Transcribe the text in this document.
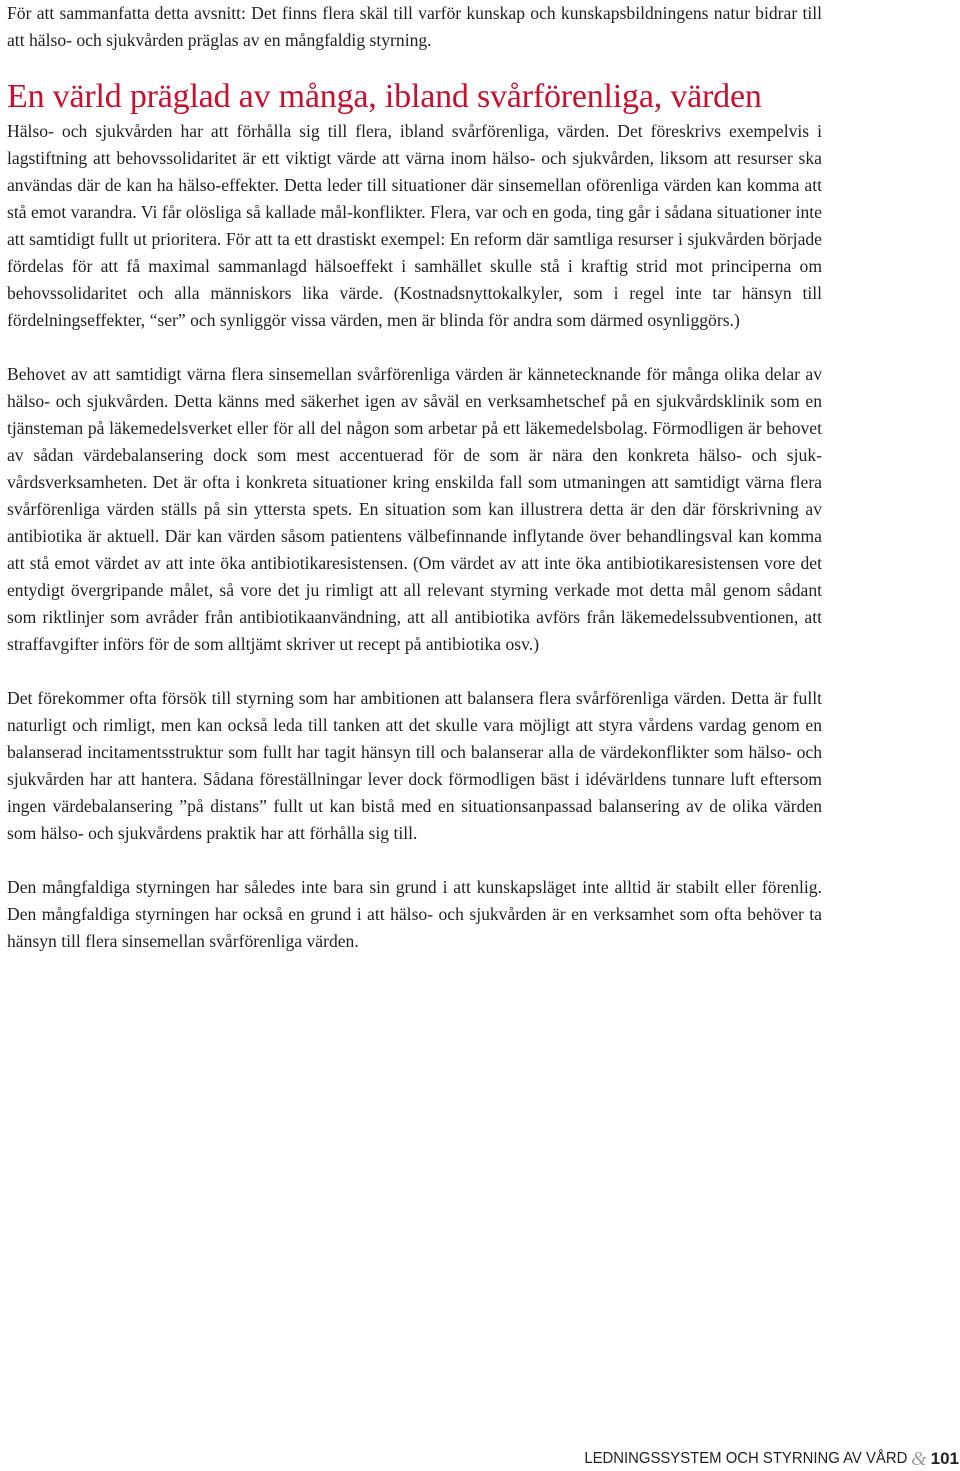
För att sammanfatta detta avsnitt: Det finns flera skäl till varför kunskap och kunskapsbildningens natur bidrar till att hälso- och sjukvården präglas av en mångfaldig styrning.

En värld präglad av många, ibland svårförenliga, värden

Hälso- och sjukvården har att förhålla sig till flera, ibland svårförenliga, värden. Det föreskrivs exempelvis i lagstiftning att behovssolidaritet är ett viktigt värde att värna inom hälso- och sjukvården, liksom att resurser ska användas där de kan ha hälso-effekter. Detta leder till situationer där sinsemellan oförenliga värden kan komma att stå emot varandra. Vi får olösliga så kallade mål-konflikter. Flera, var och en goda, ting går i sådana situationer inte att samtidigt fullt ut prioritera. För att ta ett drastiskt exempel: En reform där samtliga resurser i sjukvården började fördelas för att få maximal sammanlagd hälsoeffekt i samhället skulle stå i kraftig strid mot principerna om behovssolidaritet och alla människors lika värde. (Kostnadsnyttokalkyler, som i regel inte tar hänsyn till fördelningseffekter, “ser” och synliggör vissa värden, men är blinda för andra som därmed osynliggörs.)

Behovet av att samtidigt värna flera sinsemellan svårförenliga värden är kännetecknande för många olika delar av hälso- och sjukvården. Detta känns med säkerhet igen av såväl en verksamhetschef på en sjukvårdsklinik som en tjänsteman på läkemedelsverket eller för all del någon som arbetar på ett läkemedelsbolag. Förmodligen är behovet av sådan värdebalansering dock som mest accentuerad för de som är nära den konkreta hälso- och sjukvårdsverksamheten. Det är ofta i konkreta situationer kring enskilda fall som utmaningen att samtidigt värna flera svårförenliga värden ställs på sin yttersta spets. En situation som kan illustrera detta är den där förskrivning av antibiotika är aktuell. Där kan värden såsom patientens välbefinnande inflytande över behandlingsval kan komma att stå emot värdet av att inte öka antibiotikaresistensen. (Om värdet av att inte öka antibiotikaresistensen vore det entydigt övergripande målet, så vore det ju rimligt att all relevant styrning verkade mot detta mål genom sådant som riktlinjer som avråder från antibiotikaanvändning, att all antibiotika avförs från läkemedelssubventionen, att straffavgifter införs för de som alltjämt skriver ut recept på antibiotika osv.)

Det förekommer ofta försök till styrning som har ambitionen att balansera flera svårförenliga värden. Detta är fullt naturligt och rimligt, men kan också leda till tanken att det skulle vara möjligt att styra vårdens vardag genom en balanserad incitamentsstruktur som fullt har tagit hänsyn till och balanserar alla de värdekonflikter som hälso- och sjukvården har att hantera. Sådana föreställningar lever dock förmodligen bäst i idévärldens tunnare luft eftersom ingen värdebalansering ”på distans” fullt ut kan bistå med en situationsanpassad balansering av de olika värden som hälso- och sjukvårdens praktik har att förhålla sig till.

Den mångfaldiga styrningen har således inte bara sin grund i att kunskapsläget inte alltid är stabilt eller förenlig. Den mångfaldiga styrningen har också en grund i att hälso- och sjukvården är en verksamhet som ofta behöver ta hänsyn till flera sinsemellan svårförenliga värden.

LEDNINGSSYSTEM OCH STYRNING AV VÅRD & 101
